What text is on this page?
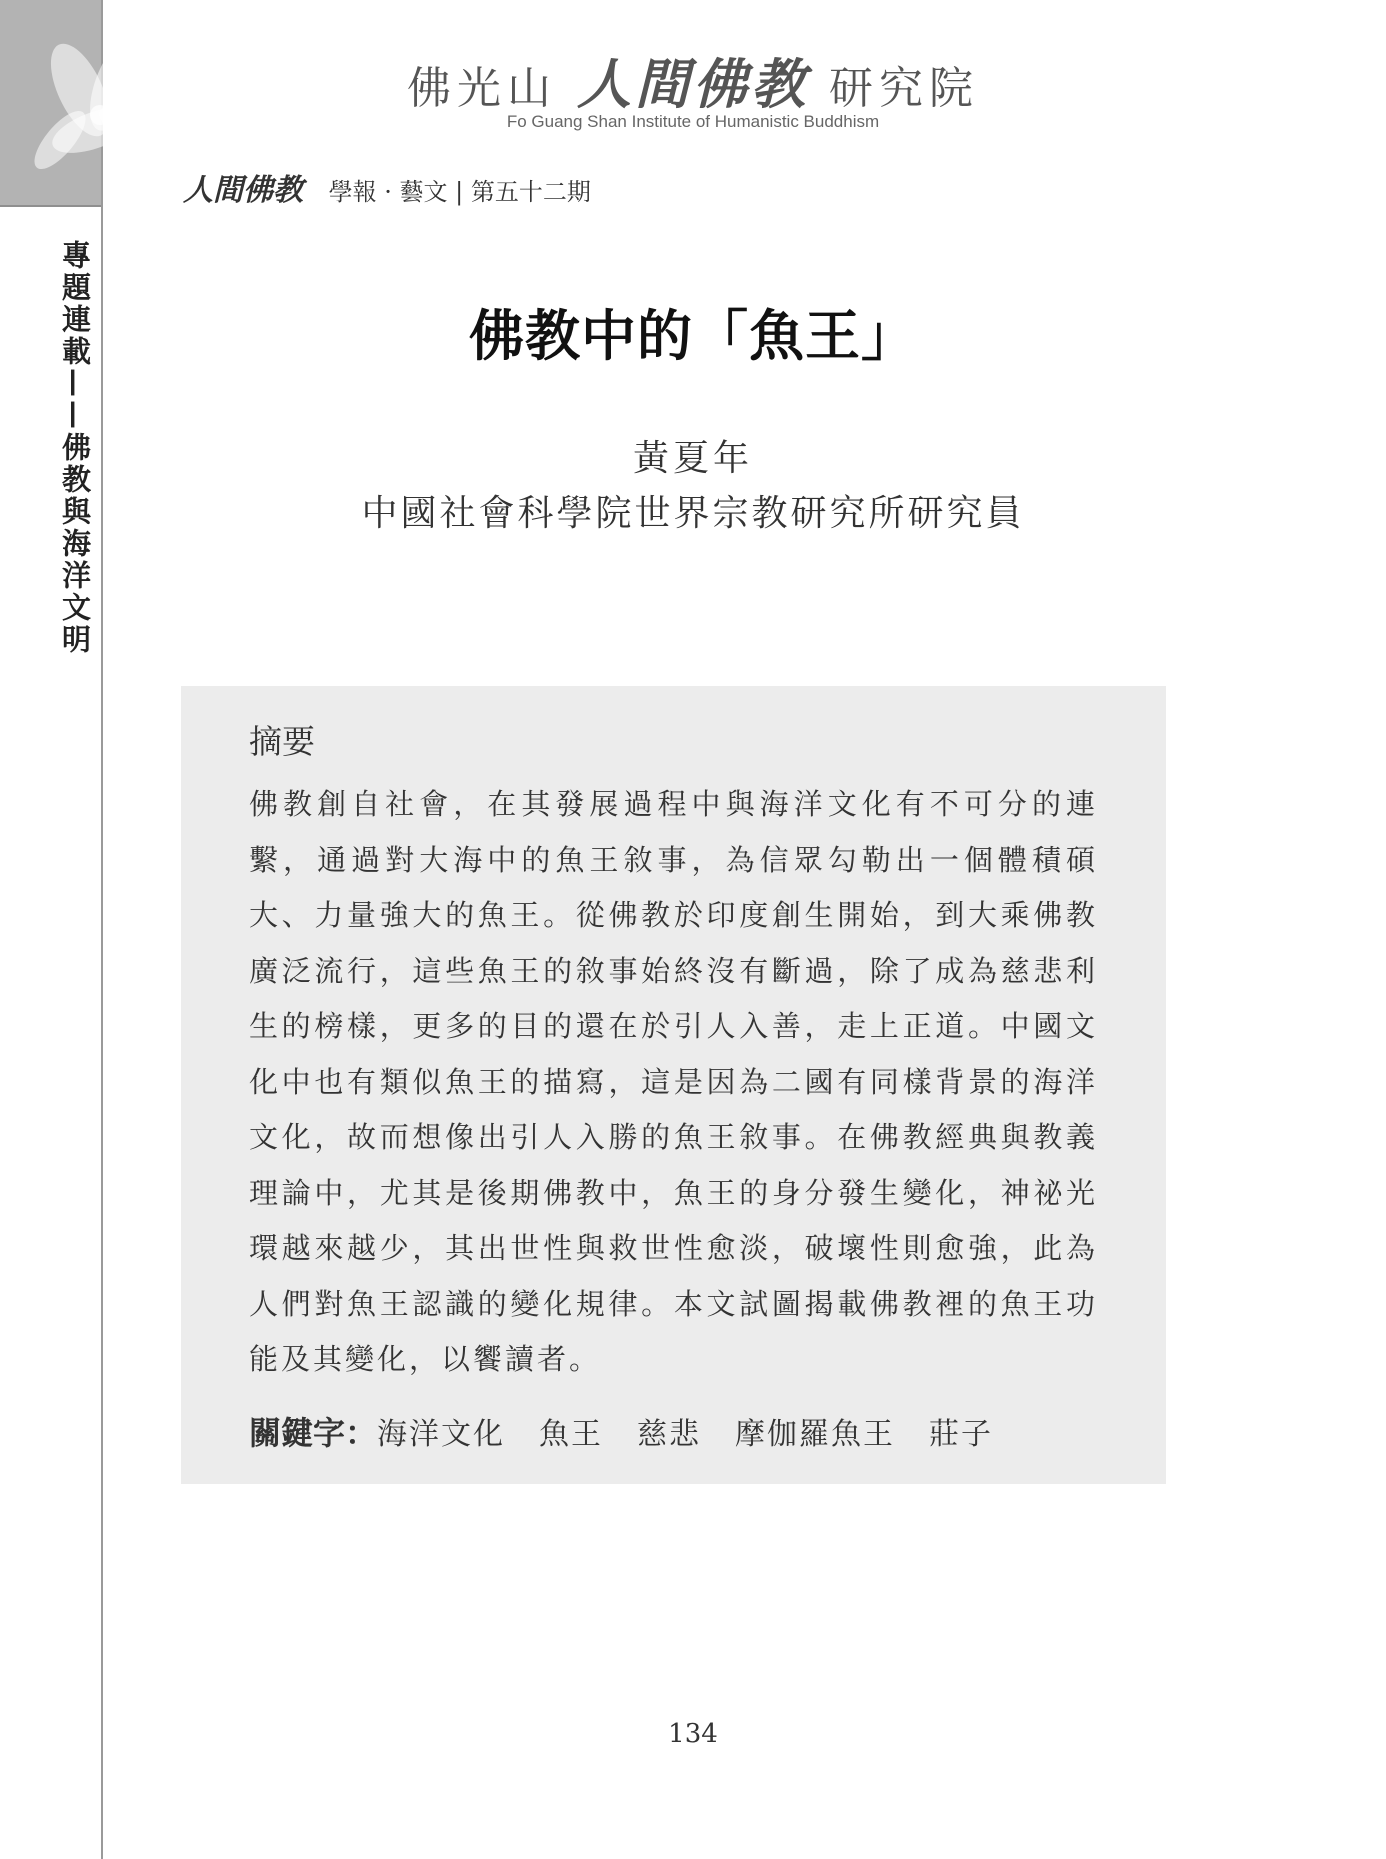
專題連載——佛教與海洋文明
佛光山 人間佛教 研究院
Fo Guang Shan Institute of Humanistic Buddhism
人間佛教 學報 · 藝文 | 第五十二期
佛教中的「魚王」
黃夏年
中國社會科學院世界宗教研究所研究員
摘要

佛教創自社會，在其發展過程中與海洋文化有不可分的連繫，通過對大海中的魚王敘事，為信眾勾勒出一個體積碩大、力量強大的魚王。從佛教於印度創生開始，到大乘佛教廣泛流行，這些魚王的敘事始終沒有斷過，除了成為慈悲利生的榜樣，更多的目的還在於引人入善，走上正道。中國文化中也有類似魚王的描寫，這是因為二國有同樣背景的海洋文化，故而想像出引人入勝的魚王敘事。在佛教經典與教義理論中，尤其是後期佛教中，魚王的身分發生變化，神祕光環越來越少，其出世性與救世性愈淡，破壞性則愈強，此為人們對魚王認識的變化規律。本文試圖揭載佛教裡的魚王功能及其變化，以饗讀者。

關鍵字：海洋文化 魚王 慈悲 摩伽羅魚王 莊子
134
